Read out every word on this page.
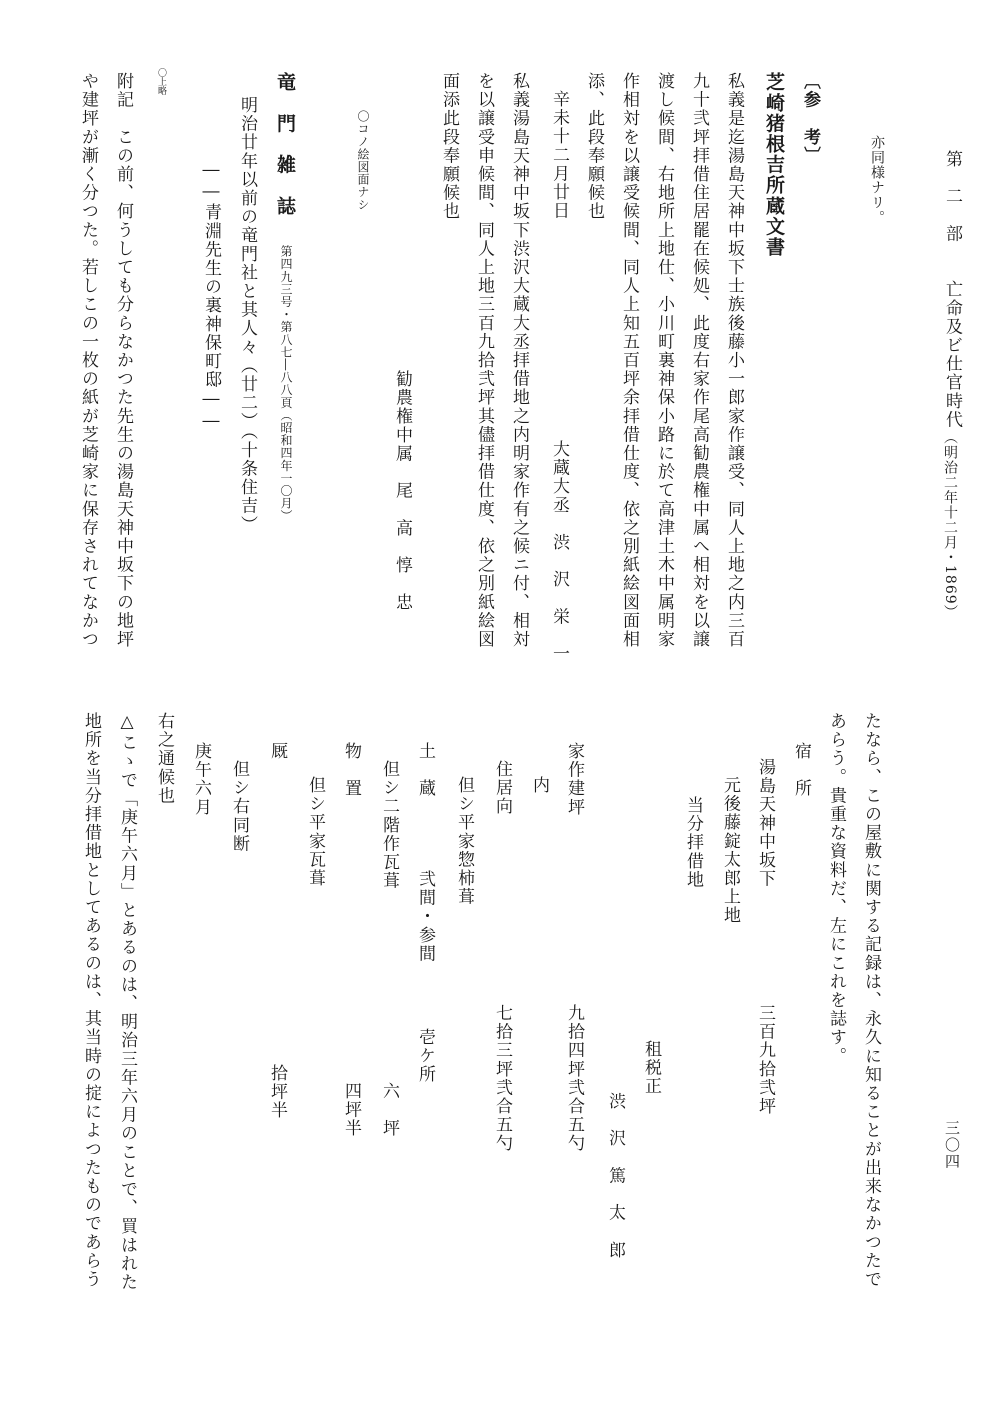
第　二　部　　亡命及ビ仕官時代
（明治二年十二月・1869）
三〇四
亦同様ナリ。
〔参　考〕
芝崎猪根吉所蔵文書
私義是迄湯島天神中坂下士族後藤小一郎家作譲受、同人上地之内三百
九十弐坪拝借住居罷在候処、此度右家作尾高勧農権中属へ相対を以譲
渡し候間、右地所上地仕、小川町裏神保小路に於て高津土木中属明家
作相対を以譲受候間、同人上知五百坪余拝借仕度、依之別紙絵図面相
添、此段奉願候也
辛未十二月廿日
大蔵大丞　渋　沢　栄　一
私義湯島天神中坂下渋沢大蔵大丞拝借地之内明家作有之候ニ付、相対
を以譲受申候間、同人上地三百九拾弐坪其儘拝借仕度、依之別紙絵図
面添此段奉願候也
勧農権中属　尾　高　惇　忠
〇コノ絵図面ナシ
竜　門　雑　誌
第四九三号・第八七―八八頁（昭和四年一〇月）
明治廿年以前の竜門社と其人々（廿二）（十条住吉）
――青淵先生の裏神保町邸――
〇上略
附記　この前、何うしても分らなかつた先生の湯島天神中坂下の地坪
や建坪が漸く分つた。若しこの一枚の紙が芝崎家に保存されてなかつ
たなら、この屋敷に関する記録は、永久に知ることが出来なかつたで
あらう。貴重な資料だ、左にこれを誌す。
宿　所
湯島天神中坂下
三百九拾弐坪
元後藤錠太郎上地
当分拝借地
租税正
渋　沢　篤　太　郎
家作建坪
九拾四坪弐合五勺
内
住居向
七拾三坪弐合五勺
但シ平家惣柿葺
土　蔵
弐間・参間
壱ケ所
但シ二階作瓦葺
六　坪
物　置
四坪半
但シ平家瓦葺
厩
拾坪半
但シ右同断
庚午六月
右之通候也
△こゝで「庚午六月」とあるのは、明治三年六月のことで、買はれた
地所を当分拝借地としてあるのは、其当時の掟によつたものであらう
